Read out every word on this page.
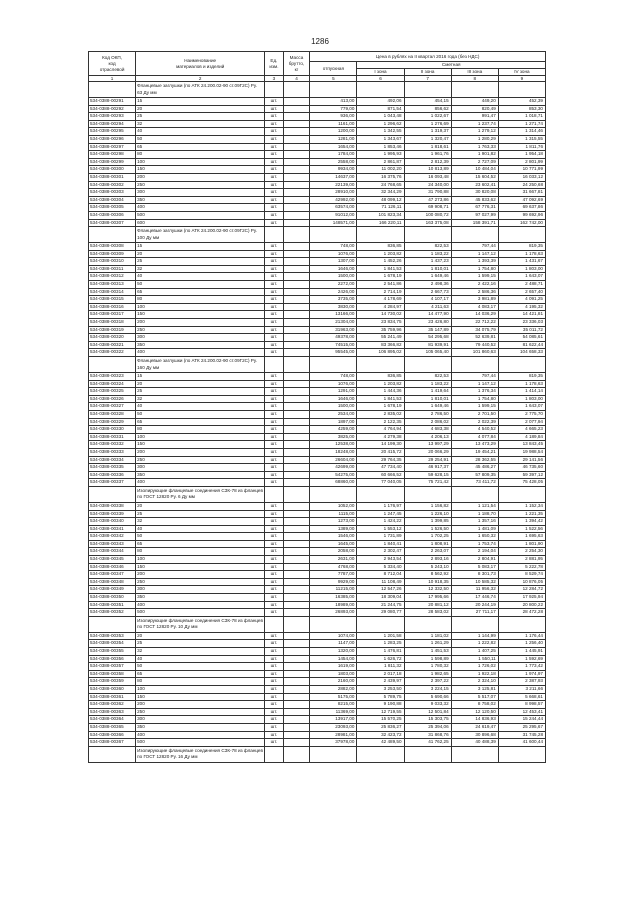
1286
Код ОКП,
код
отраслевой	Наименование
материалов и изделий	Ед.
изм.	Масса
брутто,
кг	Цена в рублях на II квартал 2016 года (без НДС)				
				отпускная	Сметная			
					I зона	II зона	III зона	IV зона
1	2	3	4	5	6	7	8	9
	Фланцевые заглушки (по АТК 24.200.02-90 ст.09Г2С) Ру. 63 Ду мм							
534-0388-00291	15	шт.		413,00	492,06	454,15	449,20	452,39
534-0388-00292	20	шт.		779,00	871,54	856,62	820,49	853,30
534-0388-00293	25	шт.		936,00	1 043,48	1 022,67	991,47	1 018,71
534-0388-00294	32	шт.		1161,00	1 296,62	1 276,69	1 237,74	1 271,74
534-0388-00295	40	шт.		1200,00	1 342,55	1 319,37	1 279,12	1 314,46
534-0388-00296	50	шт.		1281,00	1 343,67	1 320,47	1 280,29	1 315,55
534-0388-00297	65	шт.		1654,00	1 853,46	1 818,61	1 763,33	1 811,76
534-0388-00298	80	шт.		1784,00	1 995,93	1 961,76	1 901,82	1 954,18
534-0388-00299	100	шт.		2558,00	2 861,87	2 812,39	2 727,09	2 801,99
534-0388-00300	150	шт.		9934,00	11 002,20	10 813,89	10 484,04	10 771,99
534-0388-00301	200	шт.		14637,00	16 375,76	16 093,48	15 604,52	16 033,12
534-0388-00302	250	шт.		22139,00	24 768,65	24 340,00	23 602,41	24 250,68
534-0388-00303	300	шт.		28910,00	32 344,29	31 790,88	30 820,08	31 667,81
534-0388-00304	350	шт.		42992,00	48 099,12	47 273,86	45 833,62	47 092,69
534-0388-00305	400	шт.		63574,00	71 126,11	69 908,71	67 776,31	69 637,86
534-0388-00306	500	шт.		91012,00	101 823,34	100 080,72	97 027,99	99 692,96
534-0388-00307	600	шт.		148571,00	166 220,11	163 375,08	158 391,71	162 742,00
	Фланцевые заглушки (по АТК 24.200.02-90 ст.09Г2С) Ру. 100 Ду мм							
534-0388-00308	15	шт.		748,00	836,85	822,53	797,44	819,35
534-0388-00309	20	шт.		1076,00	1 203,82	1 183,22	1 147,12	1 178,63
534-0388-00310	25	шт.		1307,00	1 452,26	1 437,23	1 393,39	1 431,67
534-0388-00311	32	шт.		1646,00	1 841,53	1 810,01	1 754,80	1 803,00
534-0388-00312	40	шт.		1500,00	1 678,19	1 649,46	1 599,15	1 643,07
534-0388-00313	50	шт.		2272,00	2 541,86	2 498,36	2 422,16	2 488,71
534-0388-00314	65	шт.		2426,00	2 714,19	2 667,73	2 586,36	2 657,40
534-0388-00315	80	шт.		3735,00	4 178,69	4 107,17	3 981,89	4 091,25
534-0388-00316	100	шт.		3830,00	4 284,97	4 211,63	4 083,17	4 195,32
534-0388-00317	150	шт.		13166,00	14 730,02	14 477,90	14 036,29	14 421,81
534-0388-00318	200	шт.		21304,00	23 834,75	23 426,80	22 712,22	23 336,03
534-0388-00319	250	шт.		31963,00	35 759,96	35 147,89	34 075,79	35 011,72
534-0388-00320	300	шт.		49378,00	55 241,49	54 295,68	52 639,81	54 085,61
534-0388-00321	350	шт.		74515,00	83 366,82	81 939,91	79 440,52	81 622,44
534-0388-00322	400	шт.		95545,00	106 895,02	105 065,40	101 860,63	104 658,33
	Фланцевые заглушки (по АТК 24.200.02-90 ст.09Г2С) Ру. 160 Ду мм							
534-0388-00323	15	шт.		748,00	836,85	822,53	797,44	819,35
534-0388-00324	20	шт.		1076,00	1 203,82	1 183,22	1 147,12	1 178,63
534-0388-00325	25	шт.		1291,00	1 444,36	1 419,64	1 376,34	1 414,14
534-0388-00326	32	шт.		1646,00	1 841,53	1 810,01	1 754,80	1 803,00
534-0388-00327	40	шт.		1500,00	1 678,19	1 649,46	1 599,15	1 643,07
534-0388-00328	50	шт.		2534,00	2 835,02	2 786,50	2 701,50	2 775,70
534-0388-00329	65	шт.		1897,00	2 122,35	2 086,02	2 022,39	2 077,94
534-0388-00330	80	шт.		4259,00	4 764,94	4 683,38	4 540,52	4 665,23
534-0388-00331	100	шт.		3825,00	4 279,38	4 206,13	4 077,84	4 189,84
534-0388-00332	150	шт.		12538,00	14 199,30	13 997,29	13 473,29	13 843,45
534-0388-00333	200	шт.		18248,00	20 415,72	20 066,29	19 454,21	19 988,54
534-0388-00334	250	шт.		26604,00	29 764,35	29 254,91	28 362,55	29 141,56
534-0388-00335	300	шт.		42699,00	47 734,40	46 917,37	45 486,27	46 735,60
534-0388-00336	350	шт.		54275,00	60 666,52	59 628,15	57 809,35	59 397,12
534-0388-00337	400	шт.		68860,00	77 040,05	75 721,42	73 411,72	75 428,05
	Изолирующие фланцевые соединения СЗК-78 из фланцев по ГОСТ 12820 Ру. 6 Ду мм							
534-0388-00338	20	шт.		1052,00	1 176,97	1 156,82	1 121,54	1 152,34
534-0388-00339	25	шт.		1115,00	1 247,45	1 226,10	1 188,70	1 221,35
534-0388-00340	32	шт.		1273,00	1 424,22	1 399,85	1 357,16	1 394,42
534-0388-00341	40	шт.		1389,00	1 553,12	1 526,50	1 481,09	1 522,56
534-0388-00342	50	шт.		1546,00	1 731,89	1 702,25	1 650,32	1 695,63
534-0388-00343	65	шт.		1645,00	1 840,41	1 808,91	1 753,74	1 801,90
534-0388-00344	80	шт.		2058,00	2 302,47	2 263,07	2 194,04	2 254,30
534-0388-00345	100	шт.		2631,00	2 943,54	2 893,16	2 804,91	2 881,95
534-0388-00346	150	шт.		4768,00	5 334,40	5 243,10	5 083,17	5 222,78
534-0388-00347	200	шт.		7787,00	8 712,04	8 562,92	8 301,73	8 529,74
534-0388-00348	250	шт.		9929,00	11 108,49	10 918,35	10 585,32	10 876,05
534-0388-00349	300	шт.		11215,00	12 547,26	12 332,50	11 956,32	12 284,72
534-0388-00350	350	шт.		16385,00	18 309,04	17 995,66	17 446,74	17 925,94
534-0388-00351	400	шт.		18989,00	21 244,75	20 881,12	20 244,19	20 800,22
534-0388-00352	500	шт.		26893,00	29 080,77	28 583,02	27 711,17	28 472,28
	Изолирующие фланцевые соединения СЗК-78 из фланцев по ГОСТ 12820 Ру. 10 Ду мм							
534-0388-00353	20	шт.		1074,00	1 201,58	1 181,02	1 144,99	1 176,44
534-0388-00354	25	шт.		1147,00	1 283,25	1 261,29	1 222,82	1 256,40
534-0388-00355	32	шт.		1320,00	1 476,81	1 451,53	1 407,25	1 445,91
534-0388-00356	40	шт.		1454,00	1 626,72	1 598,89	1 550,11	1 592,69
534-0388-00357	50	шт.		1619,00	1 811,32	1 780,32	1 726,02	1 773,42
534-0388-00358	65	шт.		1803,00	2 017,18	1 982,65	1 922,18	1 974,97
534-0388-00359	80	шт.		2160,00	2 439,97	2 397,22	2 324,10	2 387,93
534-0388-00360	100	шт.		2882,00	3 253,50	3 224,15	3 125,81	3 211,66
534-0388-00361	150	шт.		5175,00	5 789,75	5 690,66	5 517,07	5 668,61
534-0388-00362	200	шт.		8215,00	9 190,88	9 033,32	8 758,02	8 998,57
534-0388-00363	250	шт.		11369,00	12 719,55	12 501,84	12 120,50	12 453,41
534-0388-00364	300	шт.		13917,00	15 570,25	15 303,75	14 836,93	15 244,44
534-0388-00365	350	шт.		23093,00	25 836,27	25 394,06	24 619,47	25 295,67
534-0388-00366	400	шт.		28981,00	32 423,72	31 868,76	30 896,68	31 745,28
534-0388-00367	500	шт.		37978,00	42 489,50	41 762,25	40 488,39	41 600,44
	Изолирующие фланцевые соединения СЗК-78 из фланцев по ГОСТ 12820 Ру. 16 Ду мм							
